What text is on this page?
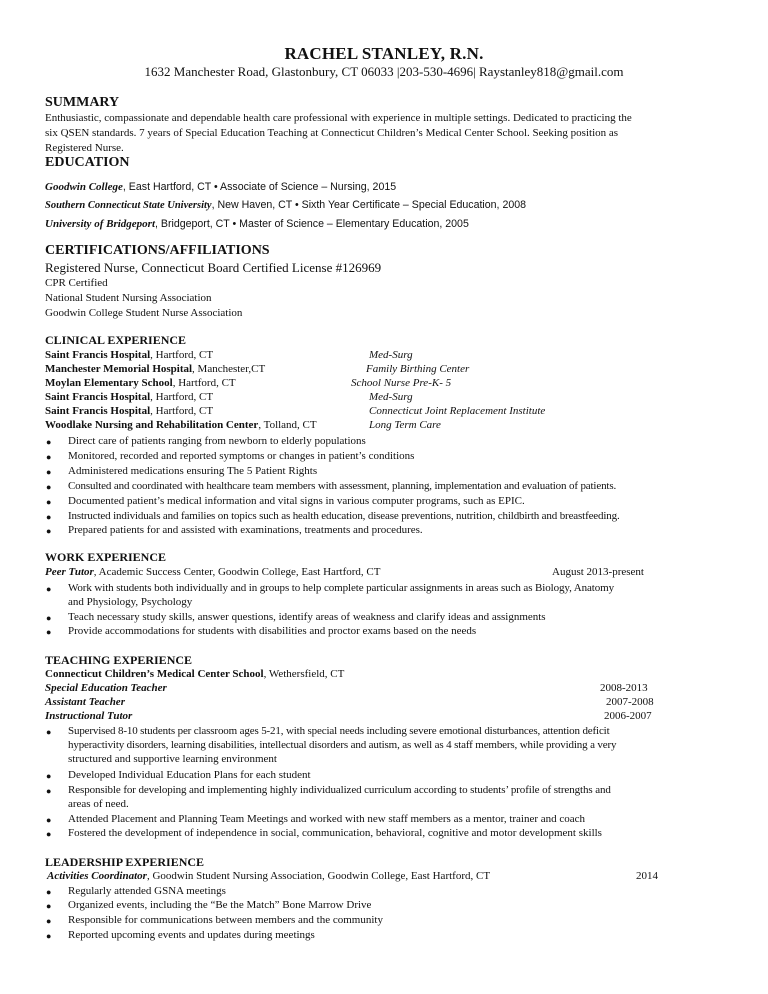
RACHEL STANLEY, R.N.
1632 Manchester Road, Glastonbury, CT 06033 |203-530-4696| Raystanley818@gmail.com
SUMMARY
Enthusiastic, compassionate and dependable health care professional with experience in multiple settings. Dedicated to practicing the
six QSEN standards. 7 years of Special Education Teaching at Connecticut Children’s Medical Center School. Seeking position as
Registered Nurse.
EDUCATION
Goodwin College, East Hartford, CT • Associate of Science – Nursing, 2015
Southern Connecticut State University, New Haven, CT • Sixth Year Certificate – Special Education, 2008
University of Bridgeport, Bridgeport, CT • Master of Science – Elementary Education, 2005
CERTIFICATIONS/AFFILIATIONS
Registered Nurse, Connecticut Board Certified License #126969
CPR Certified
National Student Nursing Association
Goodwin College Student Nurse Association
CLINICAL EXPERIENCE
Saint Francis Hospital, Hartford, CT	Med-Surg
Manchester Memorial Hospital, Manchester,CT	Family Birthing Center
Moylan Elementary School, Hartford, CT	School Nurse Pre-K- 5
Saint Francis Hospital, Hartford, CT	Med-Surg
Saint Francis Hospital, Hartford, CT	Connecticut Joint Replacement Institute
Woodlake Nursing and Rehabilitation Center, Tolland, CT	Long Term Care
● Direct care of patients ranging from newborn to elderly populations
● Monitored, recorded and reported symptoms or changes in patient’s conditions
● Administered medications ensuring The 5 Patient Rights
● Consulted and coordinated with healthcare team members with assessment, planning, implementation and evaluation of patients.
● Documented patient’s medical information and vital signs in various computer programs, such as EPIC.
● Instructed individuals and families on topics such as health education, disease preventions, nutrition, childbirth and breastfeeding.
● Prepared patients for and assisted with examinations, treatments and procedures.
WORK EXPERIENCE
Peer Tutor, Academic Success Center, Goodwin College, East Hartford, CT	August 2013-present
● Work with students both individually and in groups to help complete particular assignments in areas such as Biology, Anatomy
and Physiology, Psychology
● Teach necessary study skills, answer questions, identify areas of weakness and clarify ideas and assignments
● Provide accommodations for students with disabilities and proctor exams based on the needs
TEACHING EXPERIENCE
Connecticut Children’s Medical Center School, Wethersfield, CT
Special Education Teacher	2008-2013
Assistant Teacher	2007-2008
Instructional Tutor	2006-2007
● Supervised 8-10 students per classroom ages 5-21, with special needs including severe emotional disturbances, attention deficit
hyperactivity disorders, learning disabilities, intellectual disorders and autism, as well as 4 staff members, while providing a very
structured and supportive learning environment
● Developed Individual Education Plans for each student
● Responsible for developing and implementing highly individualized curriculum according to students’ profile of strengths and
areas of need.
● Attended Placement and Planning Team Meetings and worked with new staff members as a mentor, trainer and coach
● Fostered the development of independence in social, communication, behavioral, cognitive and motor development skills
LEADERSHIP EXPERIENCE
Activities Coordinator, Goodwin Student Nursing Association, Goodwin College, East Hartford, CT	2014
● Regularly attended GSNA meetings
● Organized events, including the “Be the Match” Bone Marrow Drive
● Responsible for communications between members and the community
● Reported upcoming events and updates during meetings
